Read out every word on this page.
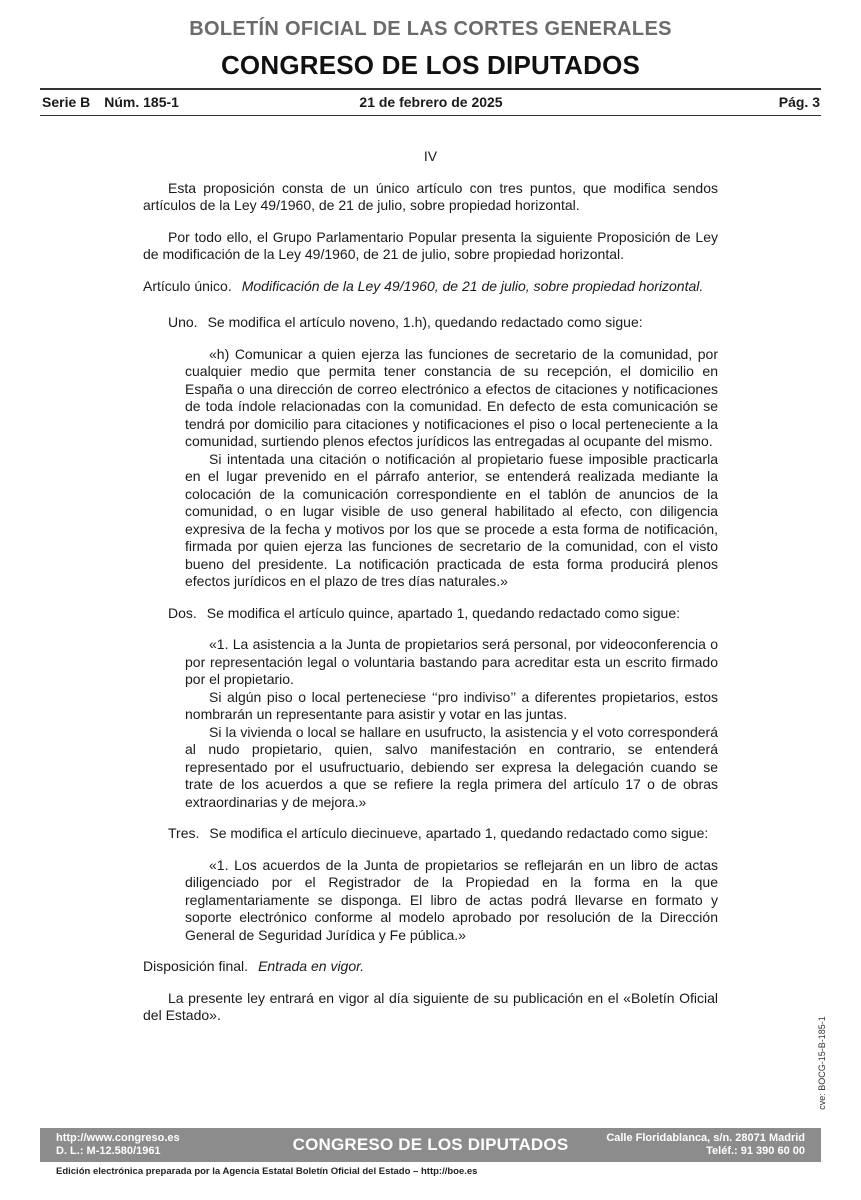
BOLETÍN OFICIAL DE LAS CORTES GENERALES
CONGRESO DE LOS DIPUTADOS
21 de febrero de 2025
Serie B Núm. 185-1	Pág. 3

IV

Esta proposición consta de un único artículo con tres puntos, que modifica sendos artículos de la Ley 49/1960, de 21 de julio, sobre propiedad horizontal.

Por todo ello, el Grupo Parlamentario Popular presenta la siguiente Proposición de Ley de modificación de la Ley 49/1960, de 21 de julio, sobre propiedad horizontal.

Artículo único. Modificación de la Ley 49/1960, de 21 de julio, sobre propiedad horizontal.

Uno. Se modifica el artículo noveno, 1.h), quedando redactado como sigue:

«h) Comunicar a quien ejerza las funciones de secretario de la comunidad, por cualquier medio que permita tener constancia de su recepción, el domicilio en España o una dirección de correo electrónico a efectos de citaciones y notificaciones de toda índole relacionadas con la comunidad. En defecto de esta comunicación se tendrá por domicilio para citaciones y notificaciones el piso o local perteneciente a la comunidad, surtiendo plenos efectos jurídicos las entregadas al ocupante del mismo.

Si intentada una citación o notificación al propietario fuese imposible practicarla en el lugar prevenido en el párrafo anterior, se entenderá realizada mediante la colocación de la comunicación correspondiente en el tablón de anuncios de la comunidad, o en lugar visible de uso general habilitado al efecto, con diligencia expresiva de la fecha y motivos por los que se procede a esta forma de notificación, firmada por quien ejerza las funciones de secretario de la comunidad, con el visto bueno del presidente. La notificación practicada de esta forma producirá plenos efectos jurídicos en el plazo de tres días naturales.»

Dos. Se modifica el artículo quince, apartado 1, quedando redactado como sigue:

«1. La asistencia a la Junta de propietarios será personal, por videoconferencia o por representación legal o voluntaria bastando para acreditar esta un escrito firmado por el propietario.

Si algún piso o local perteneciese ‘‘pro indiviso’’ a diferentes propietarios, estos nombrarán un representante para asistir y votar en las juntas.

Si la vivienda o local se hallare en usufructo, la asistencia y el voto corresponderá al nudo propietario, quien, salvo manifestación en contrario, se entenderá representado por el usufructuario, debiendo ser expresa la delegación cuando se trate de los acuerdos a que se refiere la regla primera del artículo 17 o de obras extraordinarias y de mejora.»

Tres. Se modifica el artículo diecinueve, apartado 1, quedando redactado como sigue:

«1. Los acuerdos de la Junta de propietarios se reflejarán en un libro de actas diligenciado por el Registrador de la Propiedad en la forma en la que reglamentariamente se disponga. El libro de actas podrá llevarse en formato y soporte electrónico conforme al modelo aprobado por resolución de la Dirección General de Seguridad Jurídica y Fe pública.»

Disposición final. Entrada en vigor.

La presente ley entrará en vigor al día siguiente de su publicación en el «Boletín Oficial del Estado».

cve: BOCG-15-B-185-1
http://www.congreso.es
D. L.: M-12.580/1961	CONGRESO DE LOS DIPUTADOS	Calle Floridablanca, s/n. 28071 Madrid
Teléf.: 91 390 60 00
Edición electrónica preparada por la Agencia Estatal Boletín Oficial del Estado – http://boe.es
